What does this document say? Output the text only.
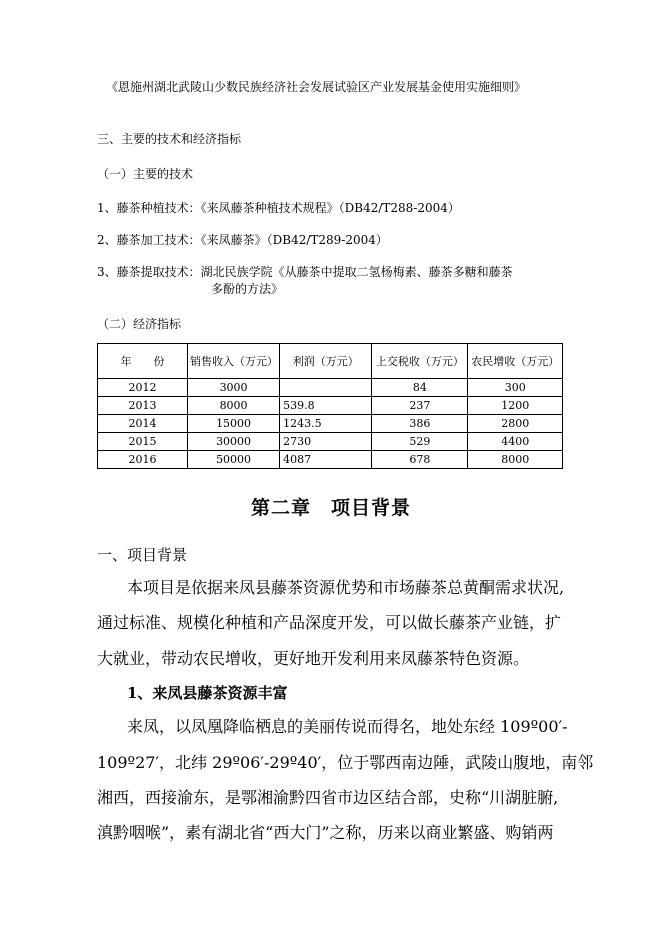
《恩施州湖北武陵山少数民族经济社会发展试验区产业发展基金使用实施细则》
三、主要的技术和经济指标
（一）主要的技术
1、藤茶种植技术：《来凤藤茶种植技术规程》（DB42/T288-2004）
2、藤茶加工技术：《来凤藤茶》（DB42/T289-2004）
3、藤茶提取技术：湖北民族学院《从藤茶中提取二氢杨梅素、藤茶多糖和藤茶
多酚的方法》
（二）经济指标
年　　份	销售收入（万元）	利润（万元）	上交税收（万元）	农民增收（万元）
2012	3000		84	300
2013	8000	539.8	237	1200
2014	15000	1243.5	386	2800
2015	30000	2730	529	4400
2016	50000	4087	678	8000
第二章　项目背景
一、项目背景
本项目是依据来凤县藤茶资源优势和市场藤茶总黄酮需求状况,
通过标准、规模化种植和产品深度开发，可以做长藤茶产业链，扩
大就业，带动农民增收，更好地开发利用来凤藤茶特色资源。
1、来凤县藤茶资源丰富
来凤，以凤凰降临栖息的美丽传说而得名，地处东经 109º00′-
109º27′，北纬 29º06′-29º40′，位于鄂西南边陲，武陵山腹地，南邻
湘西，西接渝东，是鄂湘渝黔四省市边区结合部，史称“川湖脏腑,
滇黔咽喉”，素有湖北省“西大门”之称，历来以商业繁盛、购销两
